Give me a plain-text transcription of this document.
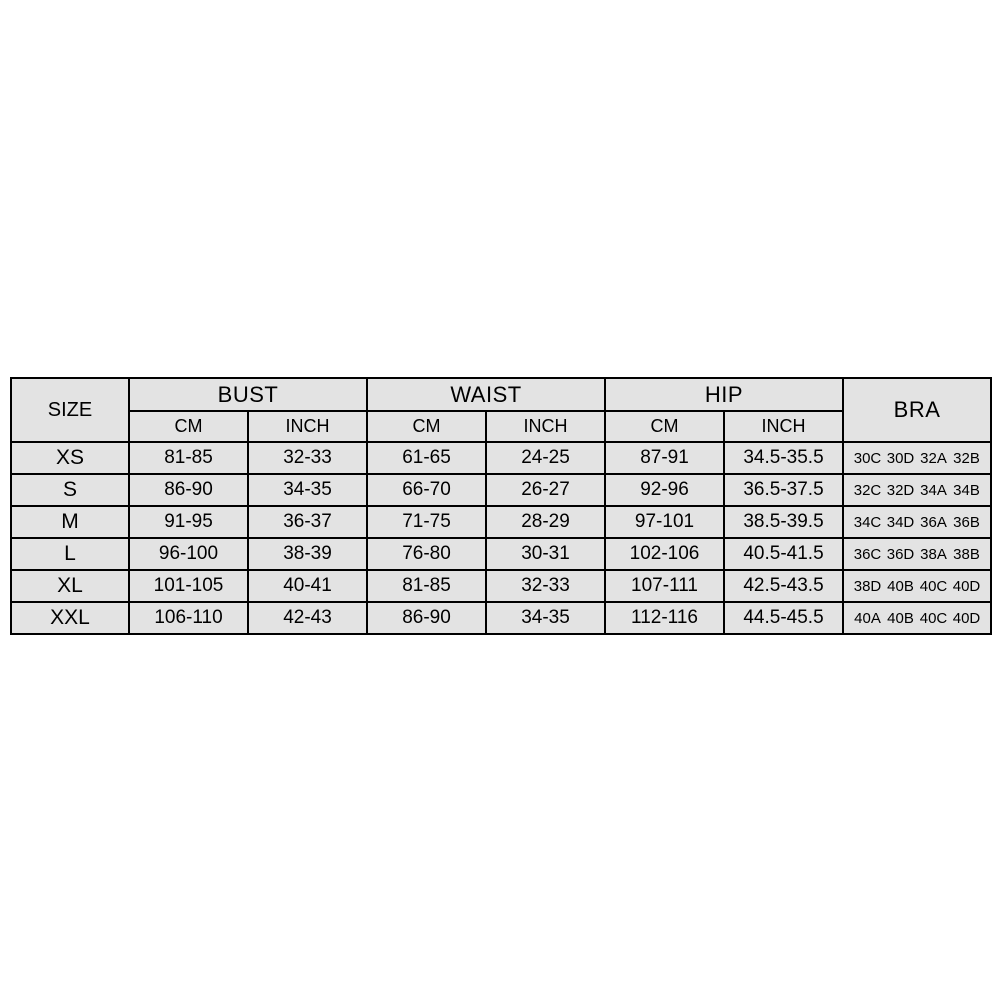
SIZE	BUST		WAIST		HIP		BRA
	CM	INCH	CM	INCH	CM	INCH	
XS	81-85	32-33	61-65	24-25	87-91	34.5-35.5	30C 30D 32A 32B
S	86-90	34-35	66-70	26-27	92-96	36.5-37.5	32C 32D 34A 34B
M	91-95	36-37	71-75	28-29	97-101	38.5-39.5	34C 34D 36A 36B
L	96-100	38-39	76-80	30-31	102-106	40.5-41.5	36C 36D 38A 38B
XL	101-105	40-41	81-85	32-33	107-111	42.5-43.5	38D 40B 40C 40D
XXL	106-110	42-43	86-90	34-35	112-116	44.5-45.5	40A 40B 40C 40D
